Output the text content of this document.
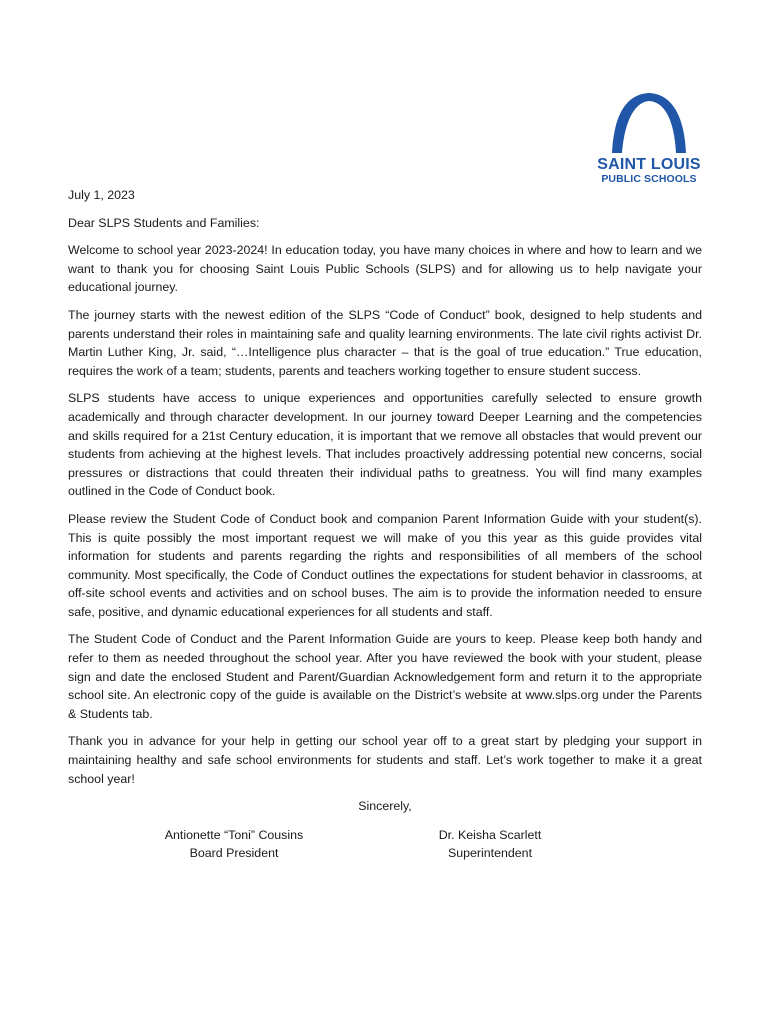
SAINT LOUIS
PUBLIC SCHOOLS

July 1, 2023

Dear SLPS Students and Families:

Welcome to school year 2023-2024! In education today, you have many choices in where and how to learn and we want to thank you for choosing Saint Louis Public Schools (SLPS) and for allowing us to help navigate your educational journey.

The journey starts with the newest edition of the SLPS “Code of Conduct” book, designed to help students and parents understand their roles in maintaining safe and quality learning environments. The late civil rights activist Dr. Martin Luther King, Jr. said, “…Intelligence plus character – that is the goal of true education.” True education, requires the work of a team; students, parents and teachers working together to ensure student success.

SLPS students have access to unique experiences and opportunities carefully selected to ensure growth academically and through character development. In our journey toward Deeper Learning and the competencies and skills required for a 21st Century education, it is important that we remove all obstacles that would prevent our students from achieving at the highest levels. That includes proactively addressing potential new concerns, social pressures or distractions that could threaten their individual paths to greatness. You will find many examples outlined in the Code of Conduct book.

Please review the Student Code of Conduct book and companion Parent Information Guide with your student(s). This is quite possibly the most important request we will make of you this year as this guide provides vital information for students and parents regarding the rights and responsibilities of all members of the school community. Most specifically, the Code of Conduct outlines the expectations for student behavior in classrooms, at off-site school events and activities and on school buses. The aim is to provide the information needed to ensure safe, positive, and dynamic educational experiences for all students and staff.

The Student Code of Conduct and the Parent Information Guide are yours to keep. Please keep both handy and refer to them as needed throughout the school year. After you have reviewed the book with your student, please sign and date the enclosed Student and Parent/Guardian Acknowledgement form and return it to the appropriate school site. An electronic copy of the guide is available on the District’s website at www.slps.org under the Parents & Students tab.

Thank you in advance for your help in getting our school year off to a great start by pledging your support in maintaining healthy and safe school environments for students and staff. Let’s work together to make it a great school year!

Sincerely,

Antionette “Toni” Cousins
Board President
Dr. Keisha Scarlett
Superintendent
